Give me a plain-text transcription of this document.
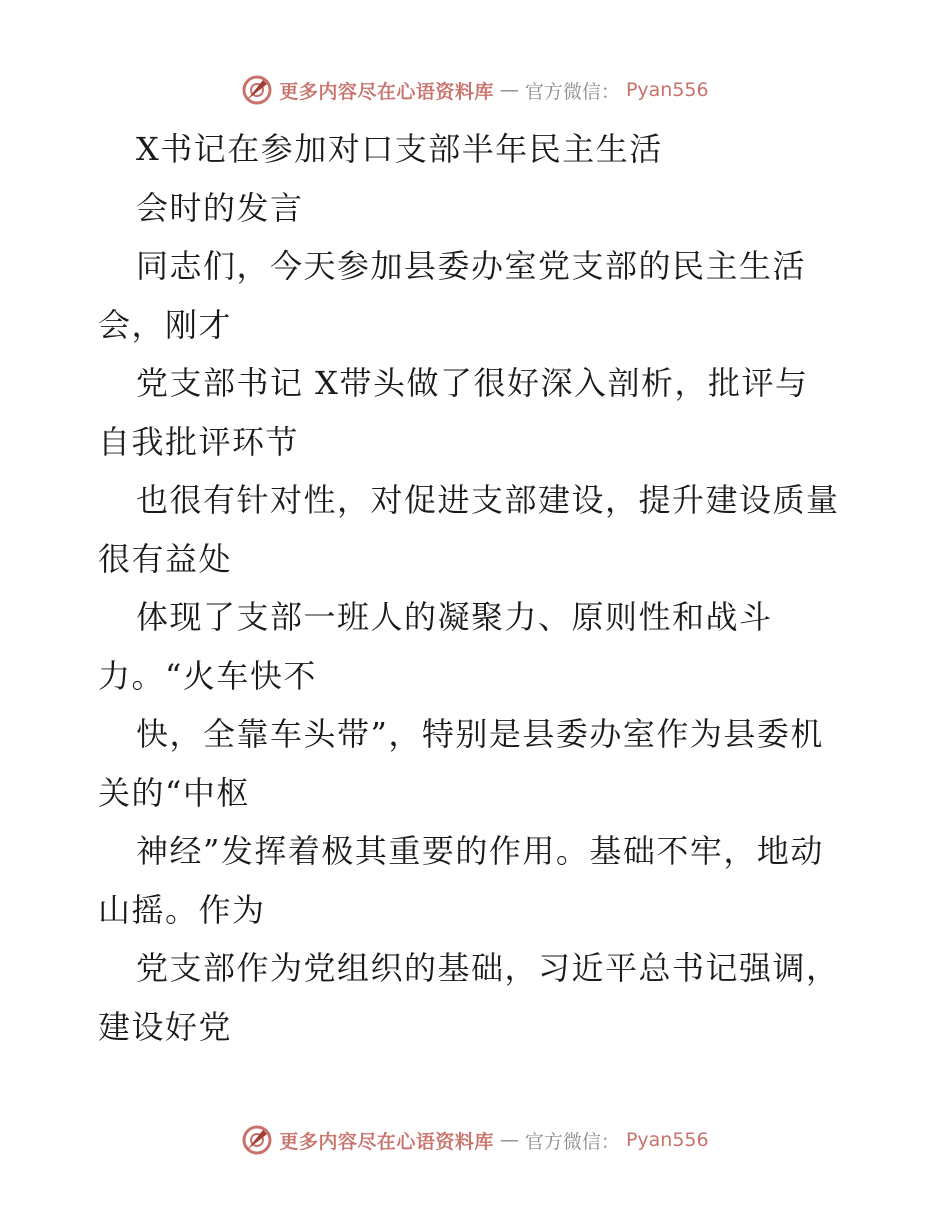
更多内容尽在心语资料库 — 官方微信： Pyan556
X书记在参加对口支部半年民主生活
会时的发言
同志们，今天参加县委办室党支部的民主生活
会，刚才
党支部书记 X带头做了很好深入剖析，批评与
自我批评环节
也很有针对性，对促进支部建设，提升建设质量
很有益处
体现了支部一班人的凝聚力、原则性和战斗
力。“火车快不
快，全靠车头带”，特别是县委办室作为县委机
关的“中枢
神经”发挥着极其重要的作用。基础不牢，地动
山摇。作为
党支部作为党组织的基础，习近平总书记强调，
建设好党
更多内容尽在心语资料库 — 官方微信： Pyan556
